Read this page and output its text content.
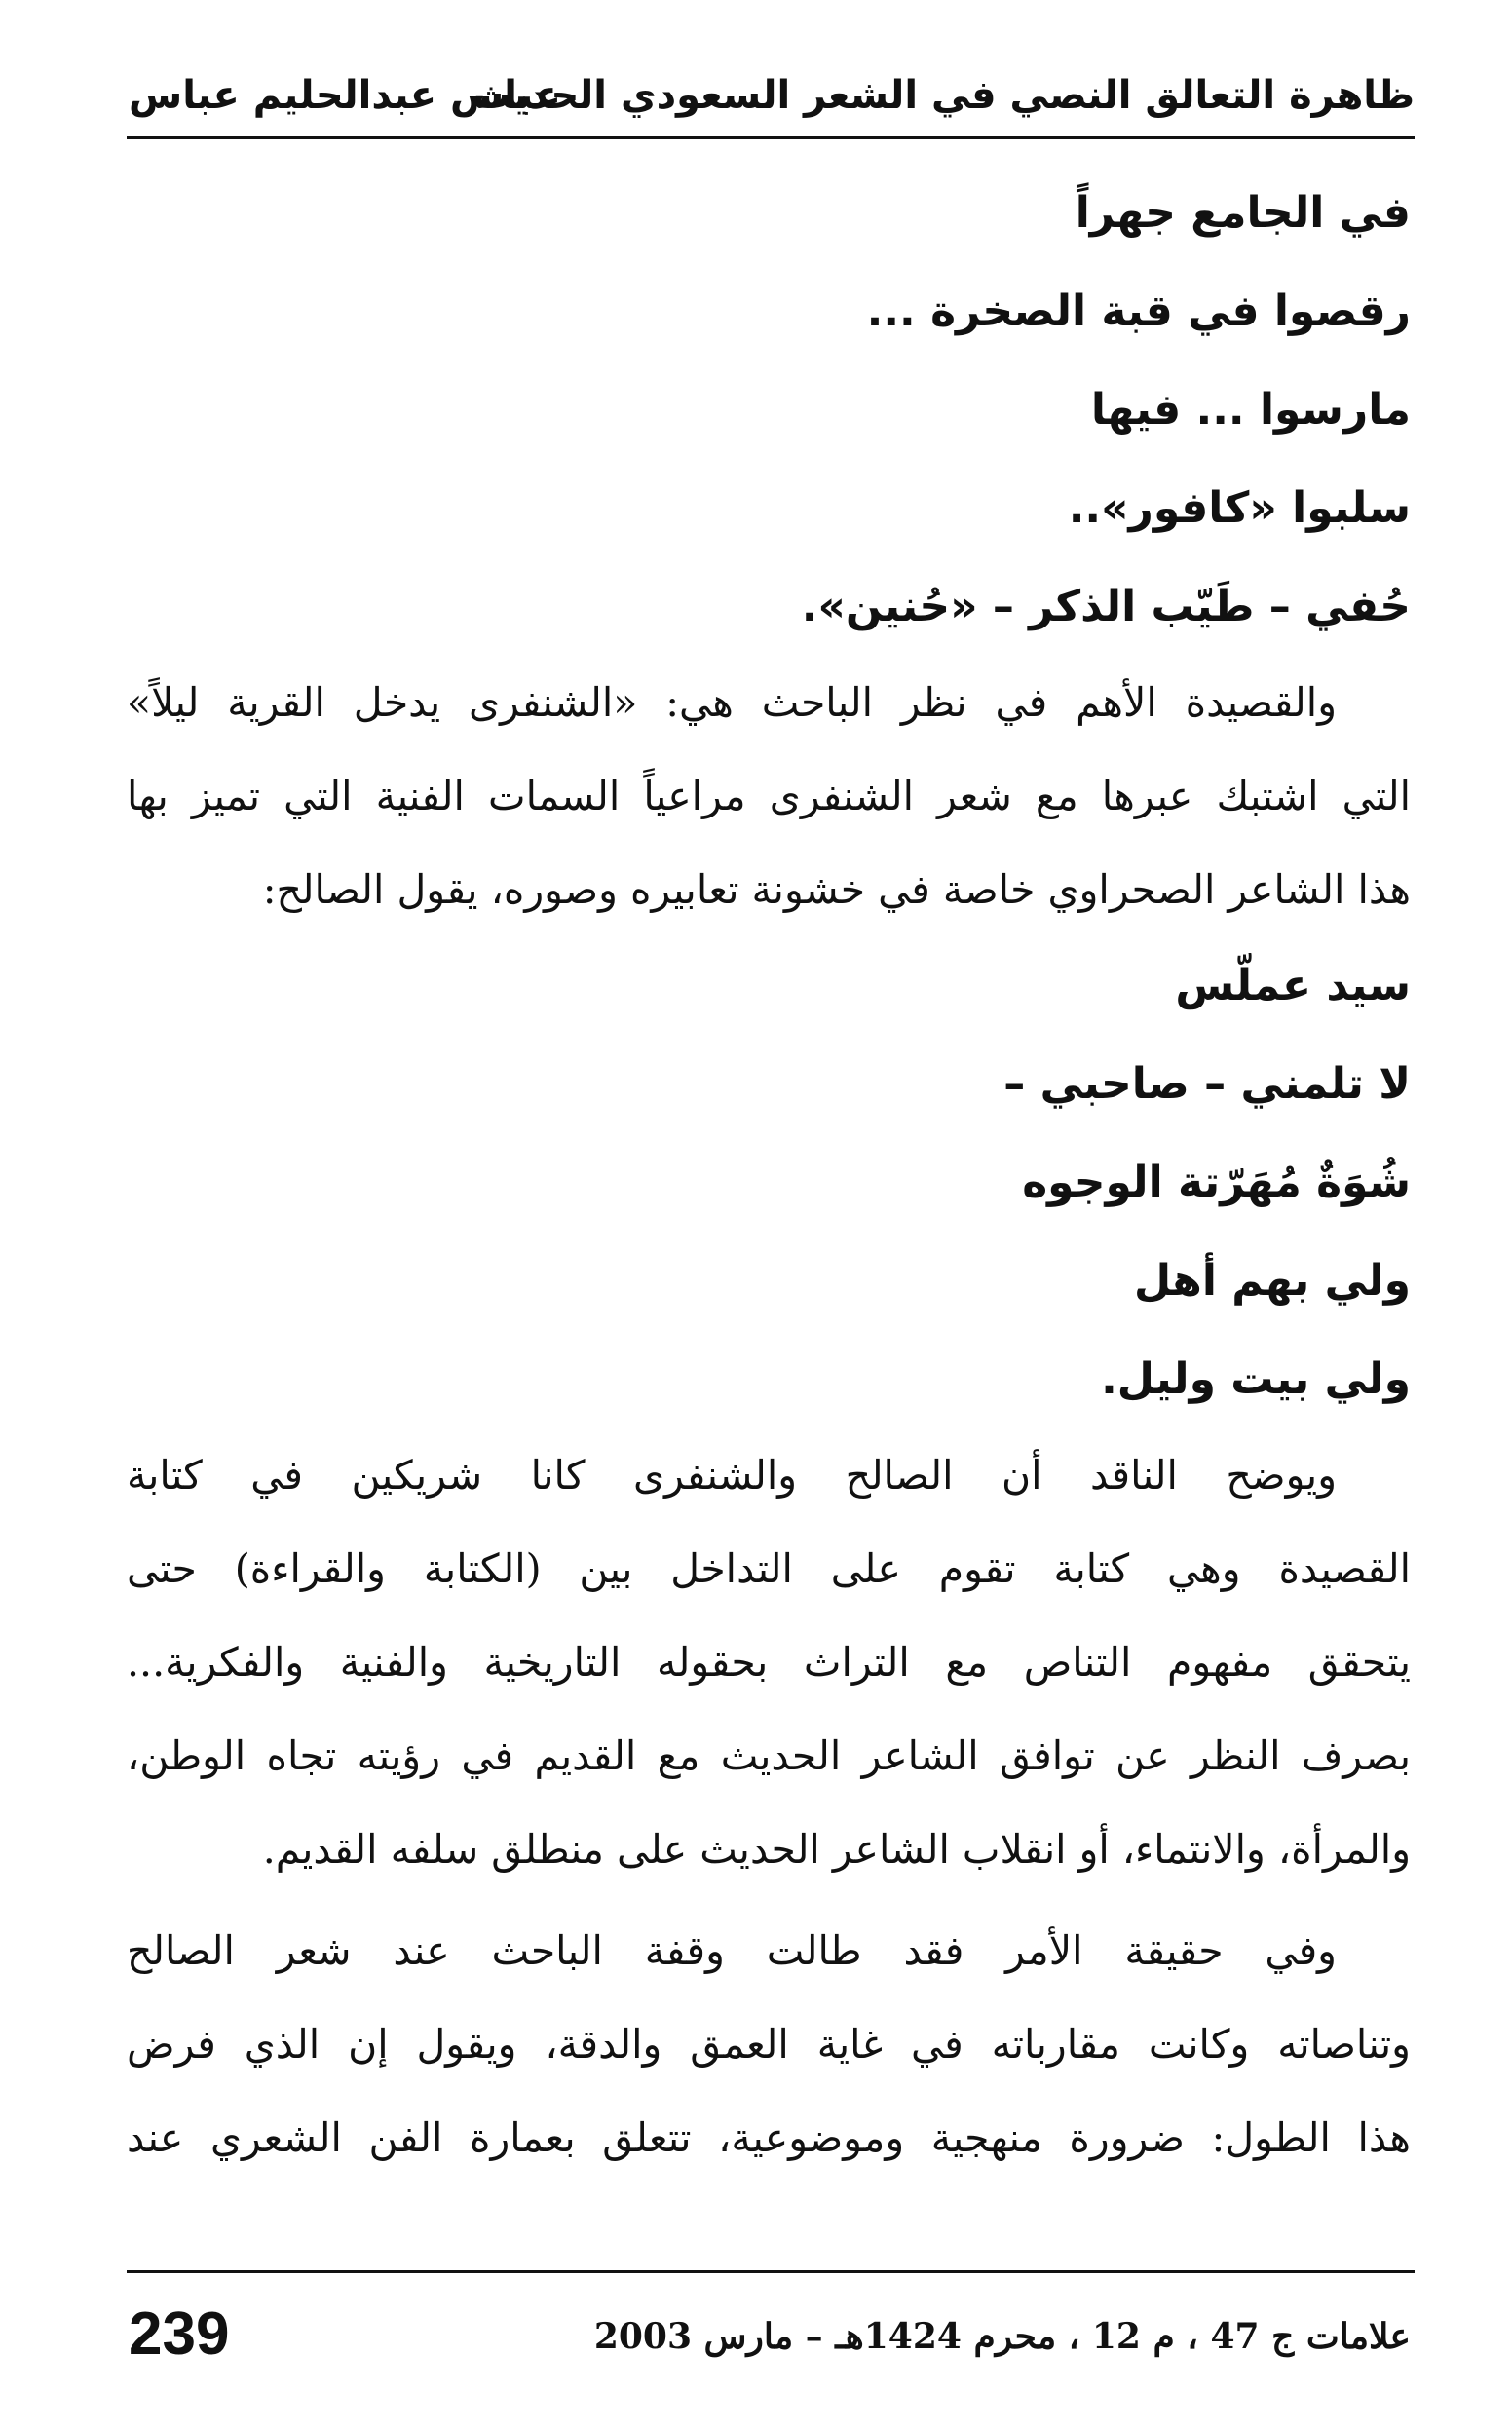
ظاهرة التعالق النصي في الشعر السعودي الحديث
عباس عبدالحليم عباس
في الجامع جهراً
رقصوا في قبة الصخرة ...
مارسوا ... فيها
سلبوا «كافور»..
حُفي – طَيّب الذكر – «حُنين».
والقصيدة الأهم في نظر الباحث هي: «الشنفرى يدخل القرية ليلاً»
التي اشتبك عبرها مع شعر الشنفرى مراعياً السمات الفنية التي تميز بها
هذا الشاعر الصحراوي خاصة في خشونة تعابيره وصوره، يقول الصالح:
سيد عملّس
لا تلمني – صاحبي –
شُوَةٌ مُهَرّتة الوجوه
ولي بهم أهل
ولي بيت وليل.
ويوضح الناقد أن الصالح والشنفرى كانا شريكين في كتابة
القصيدة وهي كتابة تقوم على التداخل بين (الكتابة والقراءة) حتى
يتحقق مفهوم التناص مع التراث بحقوله التاريخية والفنية والفكرية...
بصرف النظر عن توافق الشاعر الحديث مع القديم في رؤيته تجاه الوطن،
والمرأة، والانتماء، أو انقلاب الشاعر الحديث على منطلق سلفه القديم.
وفي حقيقة الأمر فقد طالت وقفة الباحث عند شعر الصالح
وتناصاته وكانت مقارباته في غاية العمق والدقة، ويقول إن الذي فرض
هذا الطول: ضرورة منهجية وموضوعية، تتعلق بعمارة الفن الشعري عند
239	علامات ج 47 ، م 12 ، محرم 1424هـ – مارس 2003
